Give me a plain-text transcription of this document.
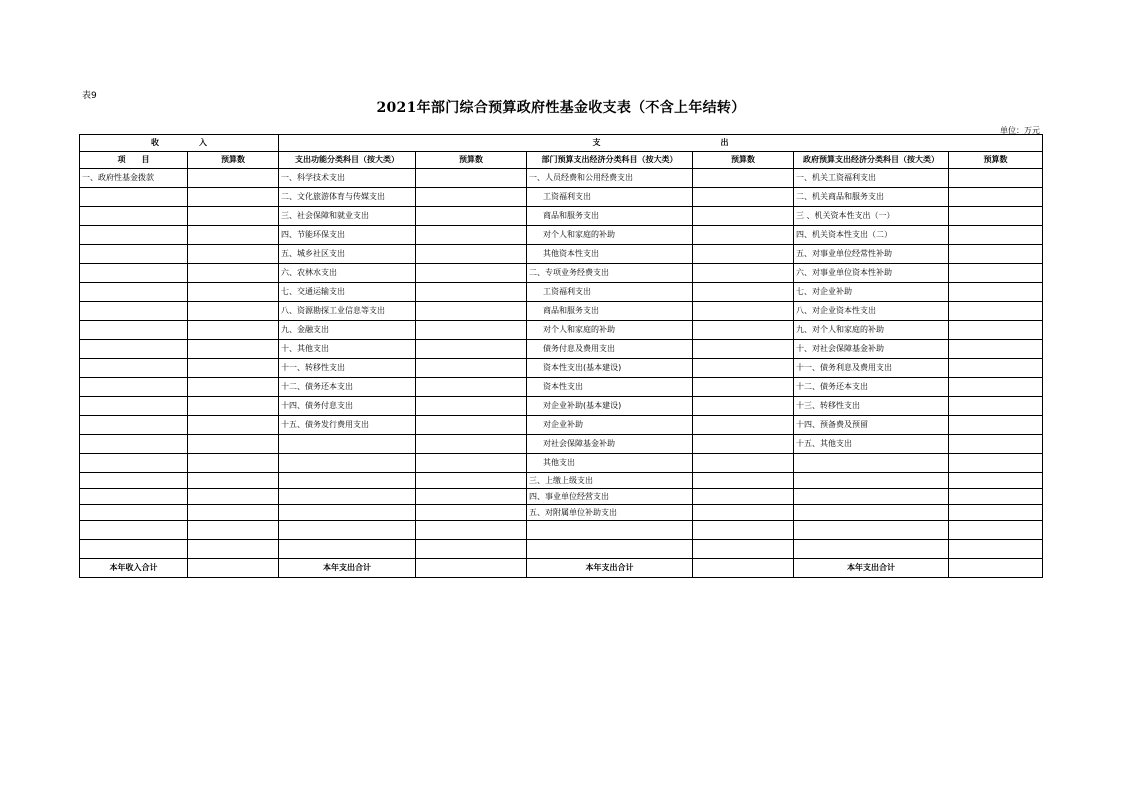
表9
2021年部门综合预算政府性基金收支表（不含上年结转）
单位：万元
收　　　　　入		支　　　　　　　　　　　　　　　出					
项　　目	预算数	支出功能分类科目（按大类）	预算数	部门预算支出经济分类科目（按大类）	预算数	政府预算支出经济分类科目（按大类）	预算数
一、政府性基金拨款		一、科学技术支出		一、人员经费和公用经费支出		一、机关工资福利支出	
		二、文化旅游体育与传媒支出		工资福利支出		二、机关商品和服务支出	
		三、社会保障和就业支出		商品和服务支出		三 、机关资本性支出（一）	
		四、节能环保支出		对个人和家庭的补助		四、机关资本性支出（二）	
		五、城乡社区支出		其他资本性支出		五、对事业单位经常性补助	
		六、农林水支出		二、专项业务经费支出		六、对事业单位资本性补助	
		七、交通运输支出		工资福利支出		七、对企业补助	
		八、资源勘探工业信息等支出		商品和服务支出		八、对企业资本性支出	
		九、金融支出		对个人和家庭的补助		九、对个人和家庭的补助	
		十、其他支出		债务付息及费用支出		十、对社会保障基金补助	
		十一、转移性支出		资本性支出(基本建设)		十一、债务利息及费用支出	
		十二、债务还本支出		资本性支出		十二、债务还本支出	
		十四、债务付息支出		对企业补助(基本建设)		十三、转移性支出	
		十五、债务发行费用支出		对企业补助		十四、预备费及预留	
				对社会保障基金补助		十五、其他支出	
				其他支出			
				三、上缴上级支出			
				四、事业单位经营支出			
				五、对附属单位补助支出			

本年收入合计		本年支出合计		本年支出合计		本年支出合计	
